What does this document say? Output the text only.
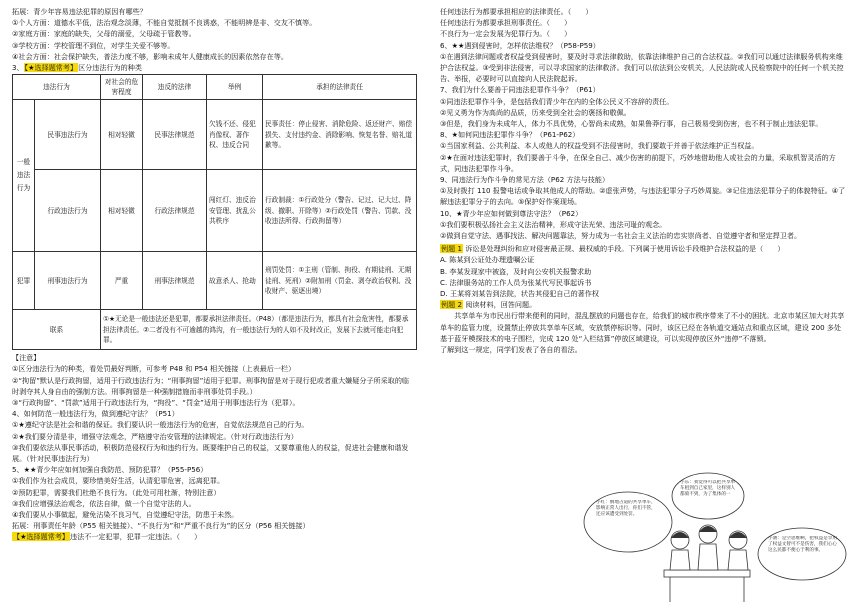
拓展：青少年容易违法犯罪的原因有哪些？
①个人方面：道德水平低，法治观念淡薄，不能自觉抵制不良诱惑，不能明辨是非、交友不慎等。
②家庭方面：家庭的缺失，父母的溺爱，父母疏于管教等。
③学校方面：学校管理不到位，对学生关爱不够等。
④社会方面：社会保护缺失，普法力度不够，影响未成年人健康成长的因素依然存在等。
3、【★选择题常考】区分违法行为的种类
违法行为		对社会的危害程度	违反的法律	举例	承担的法律责任
一般违法行为	民事违法行为	相对轻微	民事法律规范	欠钱不还、侵犯肖像权、著作权、违反合同	民事责任：停止侵害、消除危险、返还财产、赔偿损失、支付违约金、消除影响、恢复名誉、赔礼道歉等。
	行政违法行为	相对轻微	行政法律规范	闯红灯、违反治安管理、扰乱公共秩序	行政制裁：①行政处分（警告、记过、记大过、降级、撤职、开除等）②行政处罚（警告、罚款、没收违法所得、行政拘留等）
犯罪	刑事违法行为	严重	刑事法律规范	故意杀人、抢劫	刑罚处罚：①主刑（管制、拘役、有期徒刑、无期徒刑、死刑）②附加刑（罚金、剥夺政治权利、没收财产、驱逐出境）
联系		①★无论是一般违法还是犯罪，都要承担法律责任。（P48）（都是违法行为，都具有社会危害性，都要承担法律责任。②二者没有不可逾越的鸿沟，有一般违法行为的人如不及时改正，发展下去就可能走向犯罪。			
【注意】
①区分违法行为的种类，看处罚最好判断，可参考 P48 和 P54 相关链接（上表最后一栏）
②“拘留”默认是行政拘留，适用于行政违法行为；“刑事拘留”适用于犯罪。刑事拘留是对于现行犯或者重大嫌疑分子所采取的临时剥夺其人身自由的强制方法。刑事拘留是一种强制措施而非刑事处罚手段。）
③“行政拘留”、“罚款”适用于行政违法行为，“拘役”、“罚金”适用于刑事违法行为（犯罪）。
4、如何防范一般违法行为，做到遵纪守法？（P51）
①★遵纪守法是社会和谐的保证。我们要认识一般违法行为的危害，自觉依法规范自己的行为。
②★我们要分清是非，增强守法观念，严格遵守治安管理的法律规定。（针对行政违法行为）
③我们要依法从事民事活动，积极防范侵权行为和违约行为。既要维护自己的权益，又要尊重他人的权益，促进社会健康和谐发展。（针对民事违法行为）
5、★★青少年应如何加强自我防范、预防犯罪？（P55-P56）
①我们作为社会成员，要珍惜美好生活，认清犯罪危害，远离犯罪。
②预防犯罪，需要我们杜绝不良行为。（此处可用杜渐，特别注意）
③我们应增强法治观念，依法自律，做一个自觉守法的人。
④我们要从小事做起，避免沾染不良习气，自觉遵纪守法，防患于未然。
拓展：刑事责任年龄（P55 相关链接）、“不良行为”和“严重不良行为”的区分（P56 相关链接）
【★选择题常考】违法不一定犯罪，犯罪一定违法。（　　）
任何违法行为都要承担相应的法律责任。（　　）
任何违法行为都要承担刑事责任。（　　）
不良行为一定会发展为犯罪行为。（　　）
6、★★遇到侵害时，怎样依法维权？（P58-P59）
①在遇到法律问题或者权益受到侵害时，要及时寻求法律救助，依靠法律维护自己的合法权益。②我们可以通过法律服务机构来维护合法权益。③受到非法侵害，可以寻求国家的法律救济。我们可以依法到公安机关，人民法院或人民检察院中的任何一个机关控告、举报，必要时可以直接向人民法院起诉。
7、我们为什么要善于同违法犯罪作斗争？（P61）
①同违法犯罪作斗争，是包括我们青少年在内的全体公民义不容辞的责任。
②见义勇为作为高尚的品质，历来受到全社会的褒扬和敬佩。
③但是，我们身为未成年人，体力不具优势，心智尚未成熟，如果鲁莽行事，自己极易受到伤害，也不利于制止违法犯罪。
8、★如何同违法犯罪作斗争？（P61-P62）
①当国家利益、公共利益、本人或他人的权益受到不法侵害时，我们要敢于并善于依法维护正当权益。
②★在面对违法犯罪时，我们要善于斗争，在保全自己、减少伤害的前提下，巧妙地借助他人或社会的力量，采取机智灵活的方式，同违法犯罪作斗争。
9、同违法行为作斗争的常见方法（P62 方法与技能）
①及时拨打 110 报警电话或争取其他成人的帮助。②虚张声势，与违法犯罪分子巧妙周旋。③记住违法犯罪分子的体貌特征。④了解违法犯罪分子的去向。⑤保护好作案现场。
10、★青少年应如何做到尊法守法？（P62）
①我们要积极弘扬社会主义法治精神，形成守法光荣、违法可耻的观念。
②做到自觉守法、遇事找法、解决问题靠法，努力成为一名社会主义法治的忠实崇尚者、自觉遵守者和坚定捍卫者。
例题 1 诉讼是处理纠纷和应对侵害最正规、最权威的手段。下列属于使用诉讼手段维护合法权益的是（　　）
A. 陈某到公证处办理遗嘱公证
B. 李某发现家中被盗，及时向公安机关报警求助
C. 法律服务站的工作人员为张某代写民事起诉书
D. 王某将刘某告到法院，状告其侵犯自己的著作权
例题 2 阅读材料，回答问题。
共享单车为市民出行带来便利的同时，混乱摆放的问题也存在，给我们的城市秩序带来了不小的困扰。北京市某区加大对共享单车的监管力度，设置禁止停放共享单车区域，安放禁停标识等。同时，该区已经在各轨道交通站点和重点区域，建设 200 多处基于蓝牙模探技术的电子围栏，完成 120 处“入栏结算”停放区域建设，可以实现停放区外“违停”不落锁。
了解到这一规定，同学们发表了各自的看法。
小红：倒地占道的共享单车，影响正常人出行，你们不管，还应该遭受到处罚。
小东：我觉得可以把共享单车租到自己家里，这样别人都骑不到，为了集体的一
小涵：是空思维啊，把权益是享用了权益文智可不是伤害，我们心心这么民都不便心于利的事。
